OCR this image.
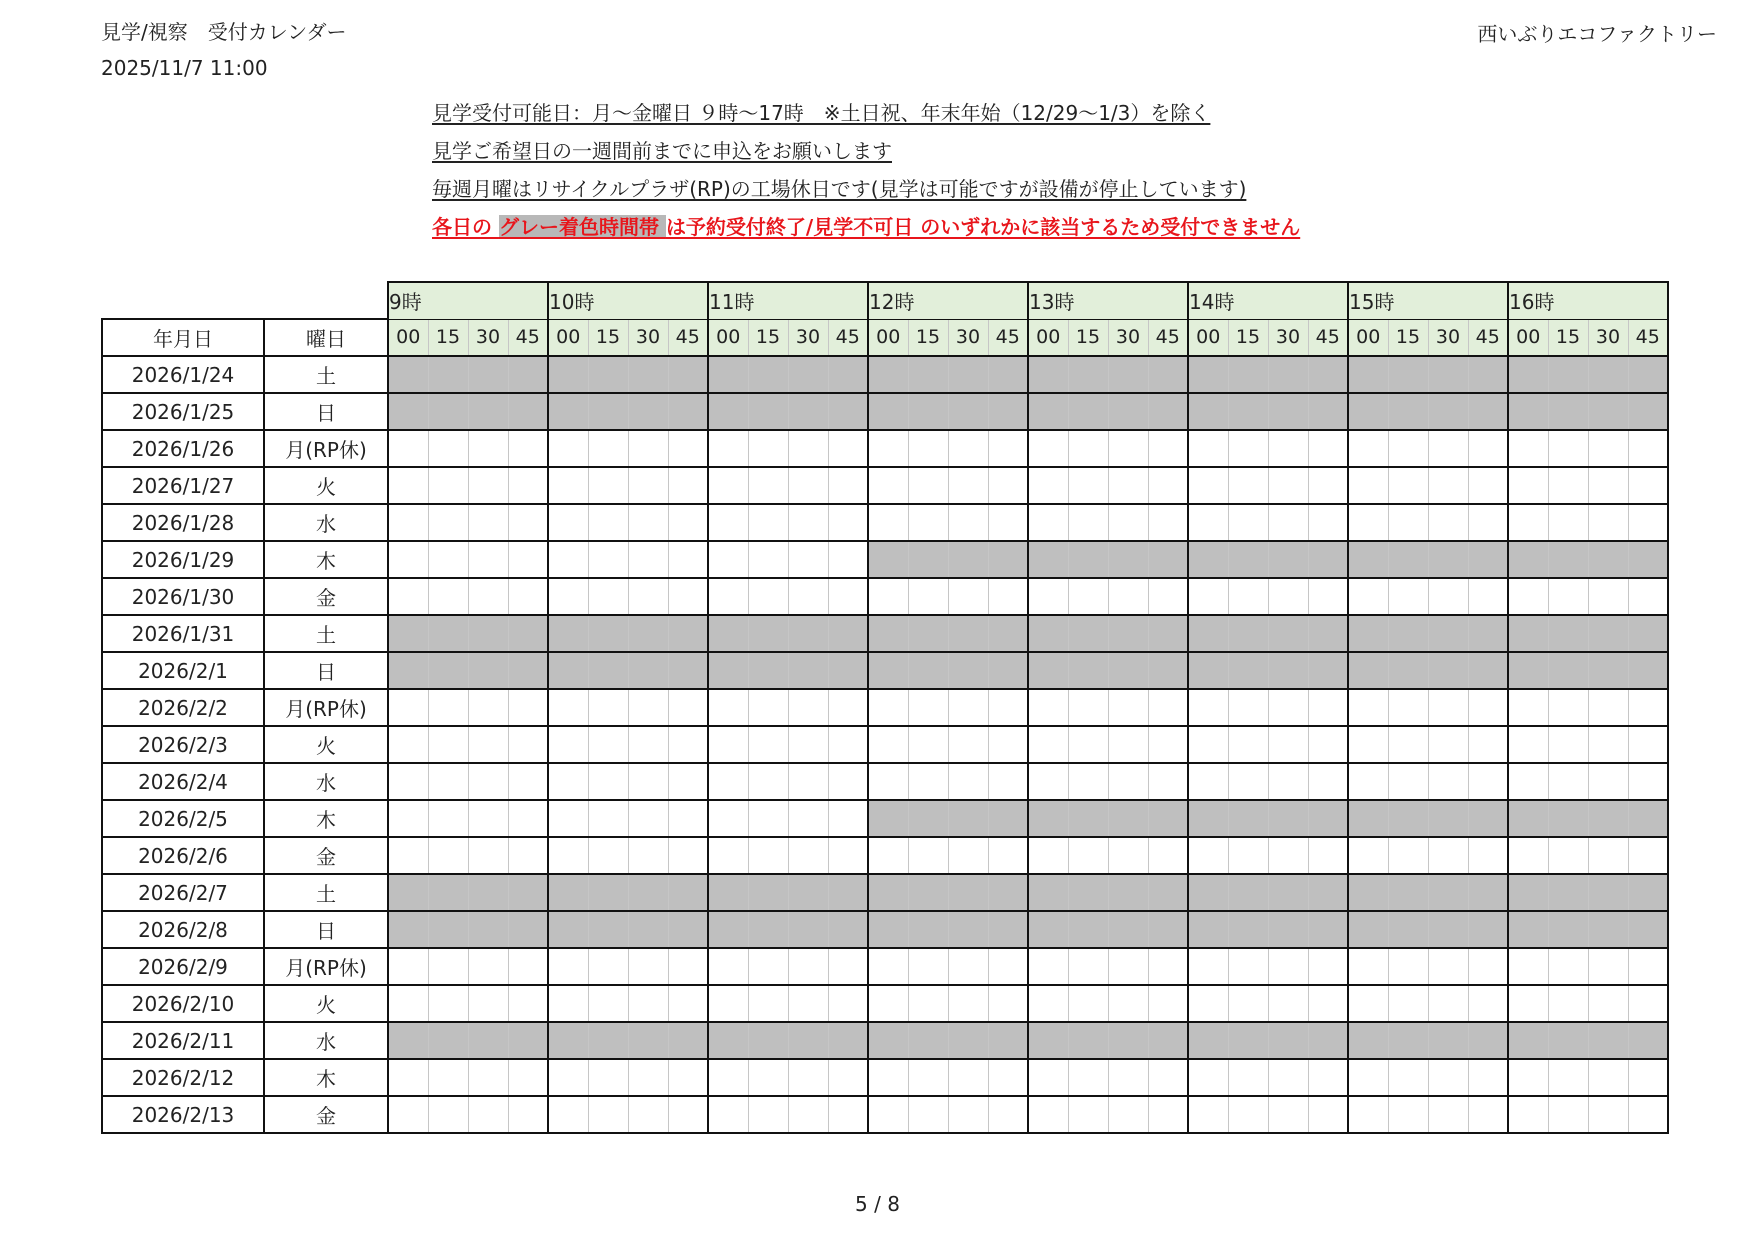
見学/視察　受付カレンダー
2025/11/7 11:00
西いぶりエコファクトリー
見学受付可能日：月～金曜日 ９時～17時　※土日祝、年末年始（12/29～1/3）を除く
見学ご希望日の一週間前までに申込をお願いします
毎週月曜はリサイクルプラザ(RP)の工場休日です(見学は可能ですが設備が停止しています)
各日の グレー着色時間帯 は予約受付終了/見学不可日 のいずれかに該当するため受付できません
		9時				10時				11時				12時				13時				14時				15時				16時			
年月日	曜日	00	15	30	45	00	15	30	45	00	15	30	45	00	15	30	45	00	15	30	45	00	15	30	45	00	15	30	45	00	15	30	45
2026/1/24	土																																
2026/1/25	日																																
2026/1/26	月(RP休)																																
2026/1/27	火																																
2026/1/28	水																																
2026/1/29	木																																
2026/1/30	金																																
2026/1/31	土																																
2026/2/1	日																																
2026/2/2	月(RP休)																																
2026/2/3	火																																
2026/2/4	水																																
2026/2/5	木																																
2026/2/6	金																																
2026/2/7	土																																
2026/2/8	日																																
2026/2/9	月(RP休)																																
2026/2/10	火																																
2026/2/11	水																																
2026/2/12	木																																
2026/2/13	金																																
5 / 8
